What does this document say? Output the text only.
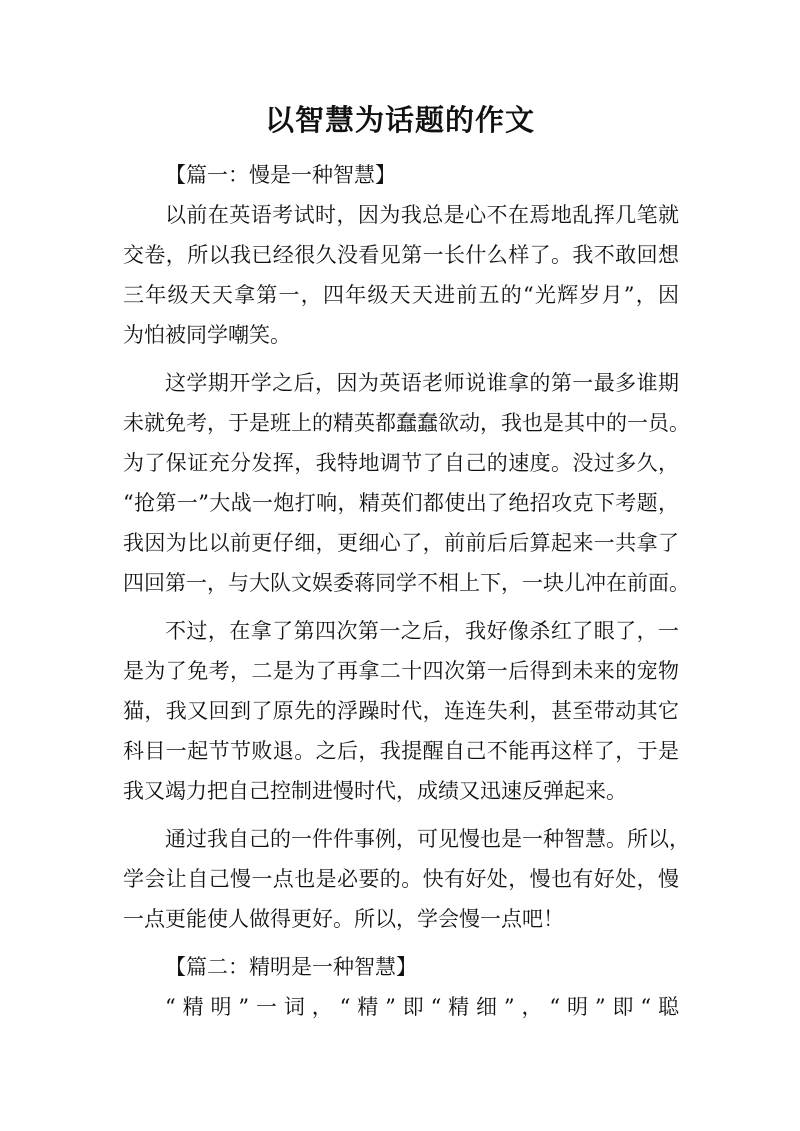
以智慧为话题的作文
【篇一：慢是一种智慧】
以前在英语考试时，因为我总是心不在焉地乱挥几笔就
交卷，所以我已经很久没看见第一长什么样了。我不敢回想
三年级天天拿第一，四年级天天进前五的“光辉岁月”，因
为怕被同学嘲笑。
这学期开学之后，因为英语老师说谁拿的第一最多谁期
未就免考，于是班上的精英都蠢蠢欲动，我也是其中的一员。
为了保证充分发挥，我特地调节了自己的速度。没过多久，
“抢第一”大战一炮打响，精英们都使出了绝招攻克下考题，
我因为比以前更仔细，更细心了，前前后后算起来一共拿了
四回第一，与大队文娱委蒋同学不相上下，一块儿冲在前面。
不过，在拿了第四次第一之后，我好像杀红了眼了，一
是为了免考，二是为了再拿二十四次第一后得到未来的宠物
猫，我又回到了原先的浮躁时代，连连失利，甚至带动其它
科目一起节节败退。之后，我提醒自己不能再这样了，于是
我又竭力把自己控制进慢时代，成绩又迅速反弹起来。
通过我自己的一件件事例，可见慢也是一种智慧。所以，
学会让自己慢一点也是必要的。快有好处，慢也有好处，慢
一点更能使人做得更好。所以，学会慢一点吧！
【篇二：精明是一种智慧】
“精明”一词，“精”即“精细”，“明”即“聪
